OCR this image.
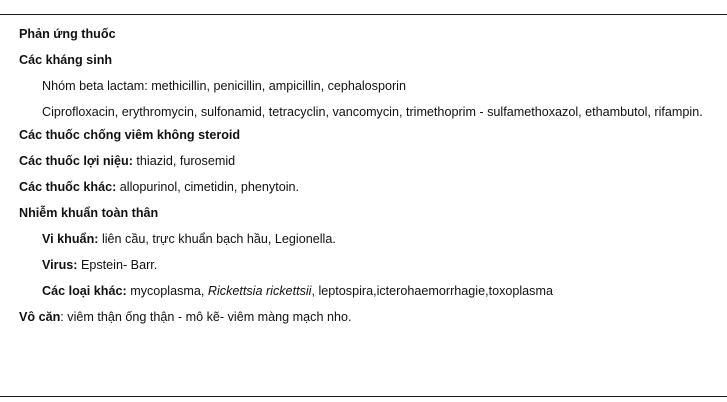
Phản ứng thuốc
Các kháng sinh
Nhóm beta lactam: methicillin, penicillin, ampicillin, cephalosporin
Ciprofloxacin, erythromycin, sulfonamid, tetracyclin, vancomycin, trimethoprim - sulfamethoxazol, ethambutol, rifampin.
Các thuốc chống viêm không steroid
Các thuốc lợi niệu: thiazid, furosemid
Các thuốc khác: allopurinol, cimetidin, phenytoin.
Nhiễm khuẩn toàn thân
Vi khuẩn: liên cầu, trực khuẩn bạch hầu, Legionella.
Virus: Epstein- Barr.
Các loại khác: mycoplasma, Rickettsia rickettsii, leptospira,icterohaemorrhagie,toxoplasma
Vô căn: viêm thận ống thận - mô kẽ- viêm màng mạch nho.
